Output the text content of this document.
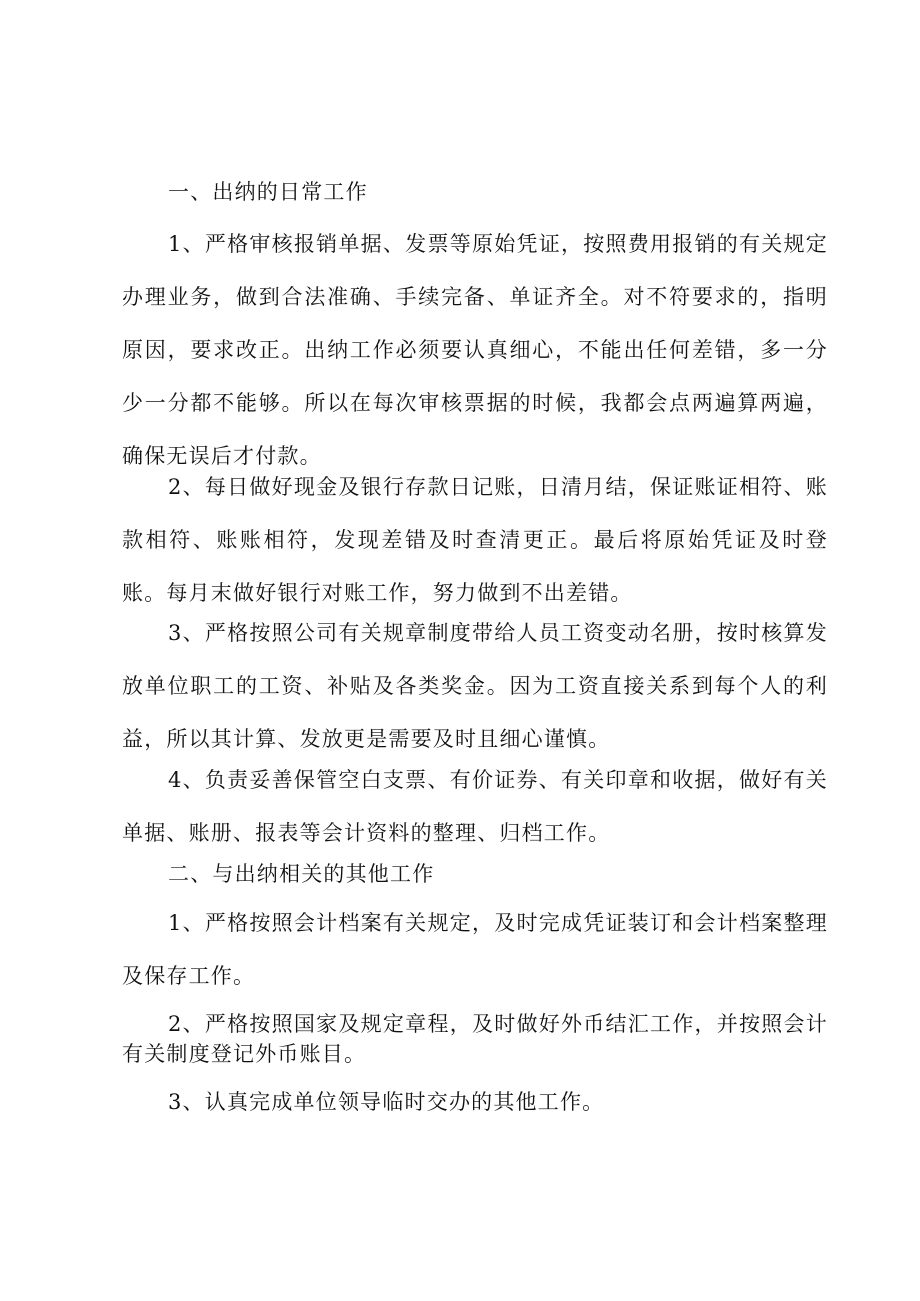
一、出纳的日常工作

1、严格审核报销单据、发票等原始凭证，按照费用报销的有关规定办理业务，做到合法准确、手续完备、单证齐全。对不符要求的，指明原因，要求改正。出纳工作必须要认真细心，不能出任何差错，多一分少一分都不能够。所以在每次审核票据的时候，我都会点两遍算两遍，确保无误后才付款。

2、每日做好现金及银行存款日记账，日清月结，保证账证相符、账款相符、账账相符，发现差错及时查清更正。最后将原始凭证及时登账。每月末做好银行对账工作，努力做到不出差错。

3、严格按照公司有关规章制度带给人员工资变动名册，按时核算发放单位职工的工资、补贴及各类奖金。因为工资直接关系到每个人的利益，所以其计算、发放更是需要及时且细心谨慎。

4、负责妥善保管空白支票、有价证券、有关印章和收据，做好有关单据、账册、报表等会计资料的整理、归档工作。

二、与出纳相关的其他工作

1、严格按照会计档案有关规定，及时完成凭证装订和会计档案整理及保存工作。

2、严格按照国家及规定章程，及时做好外币结汇工作，并按照会计有关制度登记外币账目。

3、认真完成单位领导临时交办的其他工作。
